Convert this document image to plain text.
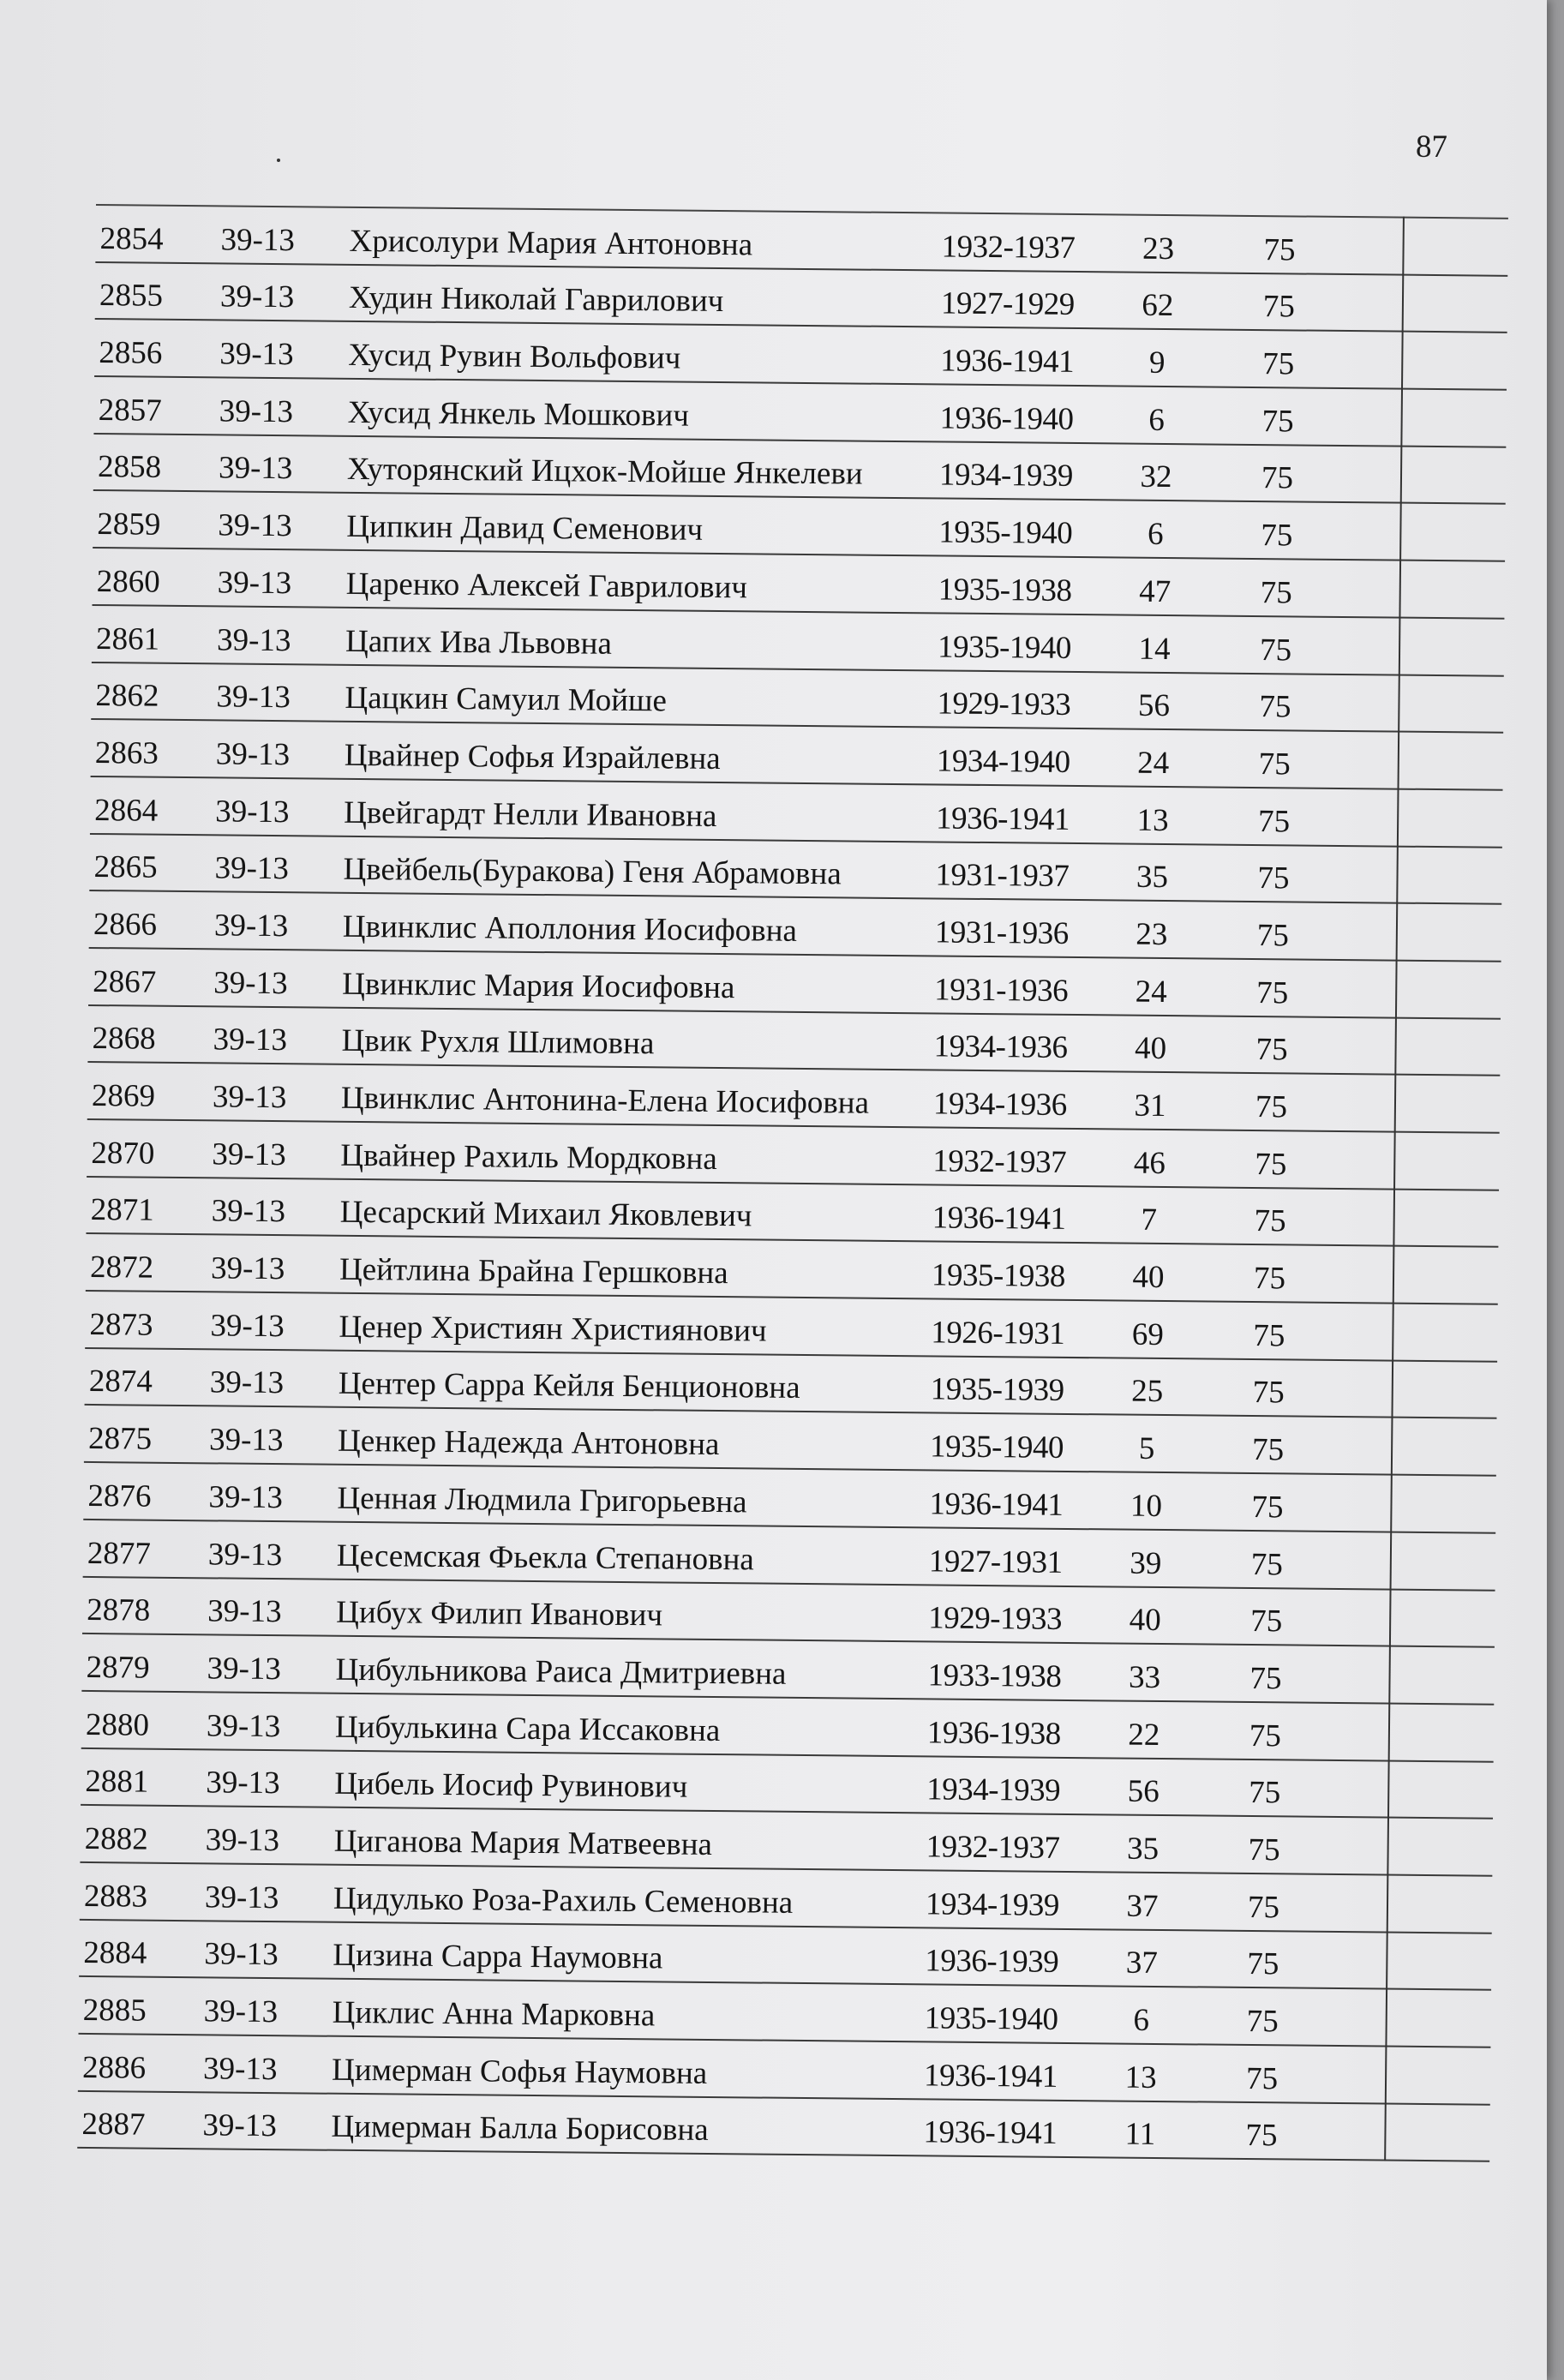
87
2854 39-13 Хрисолури Мария Антоновна	1932-1937	23	75
2855 39-13 Худин Николай Гаврилович	1927-1929	62	75
2856 39-13 Хусид Рувин Вольфович	1936-1941	9	75
2857 39-13 Хусид Янкель Мошкович	1936-1940	6	75
2858 39-13 Хуторянский Ицхок-Мойше Янкелеви 1934-1939	32	75
2859 39-13 Ципкин Давид Семенович	1935-1940	6	75
2860 39-13 Царенко Алексей Гаврилович	1935-1938	47	75
2861 39-13 Цапих Ива Львовна	1935-1940	14	75
2862 39-13 Цацкин Самуил Мойше	1929-1933	56	75
2863 39-13 Цвайнер Софья Израйлевна	1934-1940	24	75
2864 39-13 Цвейгардт Нелли Ивановна	1936-1941	13	75
2865 39-13 Цвейбель(Буракова) Геня Абрамовна	1931-1937	35	75
2866 39-13 Цвинклис Аполлония Иосифовна	1931-1936	23	75
2867 39-13 Цвинклис Мария Иосифовна	1931-1936	24	75
2868 39-13 Цвик Рухля Шлимовна	1934-1936	40	75
2869 39-13 Цвинклис Антонина-Елена Иосифовна 1934-1936	31	75
2870 39-13 Цвайнер Рахиль Мордковна	1932-1937	46	75
2871 39-13 Цесарский Михаил Яковлевич	1936-1941	7	75
2872 39-13 Цейтлина Брайна Гершковна	1935-1938	40	75
2873 39-13 Ценер Християн Християнович	1926-1931	69	75
2874 39-13 Центер Сарра Кейля Бенционовна	1935-1939	25	75
2875 39-13 Ценкер Надежда Антоновна	1935-1940	5	75
2876 39-13 Ценная Людмила Григорьевна	1936-1941	10	75
2877 39-13 Цесемская Фьекла Степановна	1927-1931	39	75
2878 39-13 Цибух Филип Иванович	1929-1933	40	75
2879 39-13 Цибульникова Раиса Дмитриевна	1933-1938	33	75
2880 39-13 Цибулькина Сара Иссаковна	1936-1938	22	75
2881 39-13 Цибель Иосиф Рувинович	1934-1939	56	75
2882 39-13 Циганова Мария Матвеевна	1932-1937	35	75
2883 39-13 Цидулько Роза-Рахиль Семеновна	1934-1939	37	75
2884 39-13 Цизина Сарра Наумовна	1936-1939	37	75
2885 39-13 Циклис Анна Марковна	1935-1940	6	75
2886 39-13 Цимерман Софья Наумовна	1936-1941	13	75
2887 39-13 Цимерман Балла Борисовна	1936-1941	11	75
